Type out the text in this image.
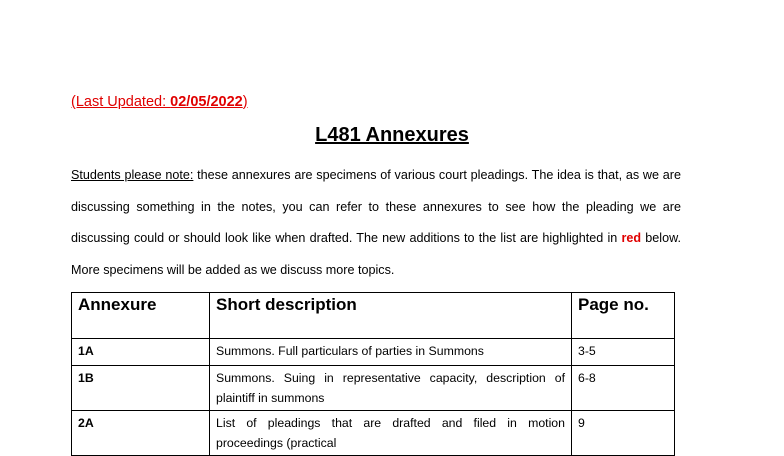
(Last Updated: 02/05/2022)
L481 Annexures
Students please note: these annexures are specimens of various court pleadings. The idea is that, as we are discussing something in the notes, you can refer to these annexures to see how the pleading we are discussing could or should look like when drafted. The new additions to the list are highlighted in red below. More specimens will be added as we discuss more topics.
Annexure	Short description	Page no.
1A	Summons. Full particulars of parties in Summons	3-5
1B	Summons. Suing in representative capacity, description of plaintiff in summons	6-8
2A	List of pleadings that are drafted and filed in motion proceedings (practical	9
